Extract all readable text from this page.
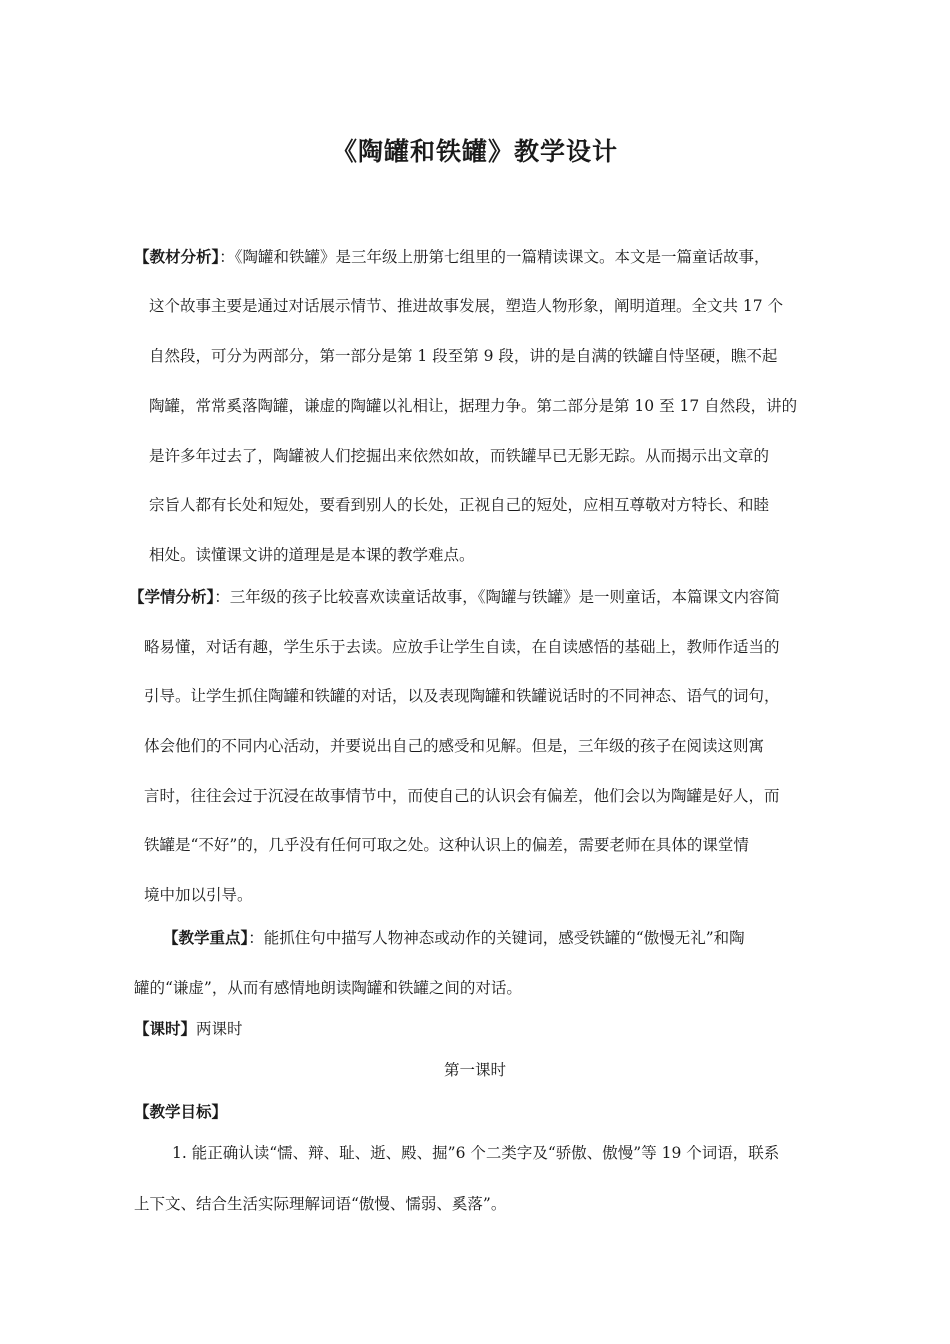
《陶罐和铁罐》教学设计
【教材分析】：《陶罐和铁罐》是三年级上册第七组里的一篇精读课文。本文是一篇童话故事，
这个故事主要是通过对话展示情节、推进故事发展，塑造人物形象，阐明道理。全文共 17 个
自然段，可分为两部分，第一部分是第 1 段至第 9 段，讲的是自满的铁罐自恃坚硬，瞧不起
陶罐，常常奚落陶罐，谦虚的陶罐以礼相让，据理力争。第二部分是第 10 至 17 自然段，讲的
是许多年过去了，陶罐被人们挖掘出来依然如故，而铁罐早已无影无踪。从而揭示出文章的
宗旨人都有长处和短处，要看到别人的长处，正视自己的短处，应相互尊敬对方特长、和睦
相处。读懂课文讲的道理是是本课的教学难点。
【学情分析】：三年级的孩子比较喜欢读童话故事，《陶罐与铁罐》是一则童话，本篇课文内容简
略易懂，对话有趣，学生乐于去读。应放手让学生自读，在自读感悟的基础上，教师作适当的
引导。让学生抓住陶罐和铁罐的对话，以及表现陶罐和铁罐说话时的不同神态、语气的词句，
体会他们的不同内心活动，并要说出自己的感受和见解。但是，三年级的孩子在阅读这则寓
言时，往往会过于沉浸在故事情节中，而使自己的认识会有偏差，他们会以为陶罐是好人，而
铁罐是“不好”的，几乎没有任何可取之处。这种认识上的偏差，需要老师在具体的课堂情
境中加以引导。
【教学重点】：能抓住句中描写人物神态或动作的关键词，感受铁罐的“傲慢无礼”和陶
罐的“谦虚”，从而有感情地朗读陶罐和铁罐之间的对话。
【课时】两课时
第一课时
【教学目标】
1. 能正确认读“懦、辩、耻、逝、殿、掘”6 个二类字及“骄傲、傲慢”等 19 个词语，联系
上下文、结合生活实际理解词语“傲慢、懦弱、奚落”。
